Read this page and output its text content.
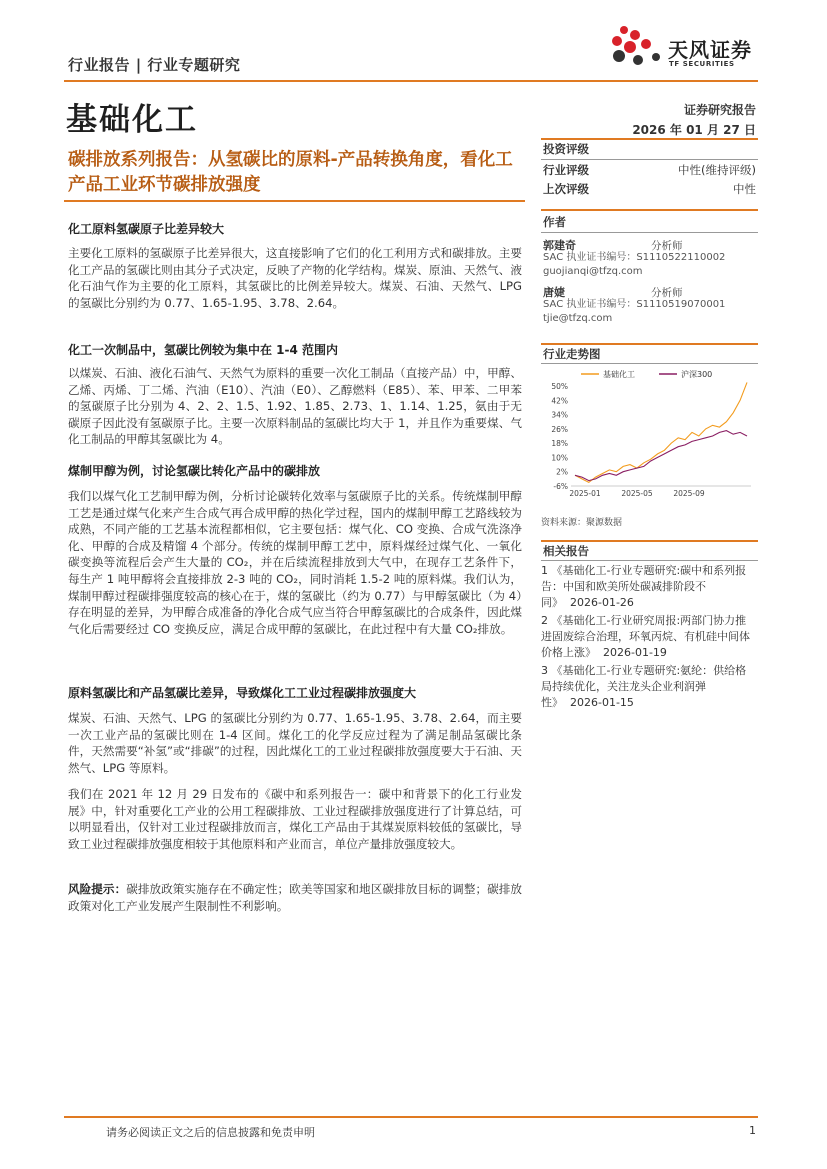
行业报告 | 行业专题研究
天风证券
TF SECURITIES
基础化工	证券研究报告
2026 年 01 月 27 日
碳排放系列报告：从氢碳比的原料-产品转换角度，看化工产品工业环节碳排放强度
投资评级
行业评级	中性(维持评级)
上次评级	中性
作者
郭建奇	分析师
SAC 执业证书编号：S1110522110002
guojianqi@tfzq.com
唐婕	分析师
SAC 执业证书编号：S1110519070001
tjie@tfzq.com
行业走势图
基础化工	沪深300
50%
42%
34%
26%
18%
10%
2%
-6%
2025-01	2025-05	2025-09
资料来源：聚源数据
相关报告
1 《基础化工-行业专题研究:碳中和系列报告：中国和欧美所处碳减排阶段不同》 2026-01-26
2 《基础化工-行业研究周报:两部门协力推进固废综合治理，环氧丙烷、有机硅中间体价格上涨》 2026-01-19
3 《基础化工-行业专题研究:氨纶：供给格局持续优化，关注龙头企业利润弹性》 2026-01-15
化工原料氢碳原子比差异较大
主要化工原料的氢碳原子比差异很大，这直接影响了它们的化工利用方式和碳排放。主要化工产品的氢碳比则由其分子式决定，反映了产物的化学结构。煤炭、原油、天然气、液化石油气作为主要的化工原料，其氢碳比的比例差异较大。煤炭、石油、天然气、LPG 的氢碳比分别约为 0.77、1.65-1.95、3.78、2.64。
化工一次制品中，氢碳比例较为集中在 1-4 范围内
以煤炭、石油、液化石油气、天然气为原料的重要一次化工制品（直接产品）中，甲醇、乙烯、丙烯、丁二烯、汽油（E10）、汽油（E0）、乙醇燃料（E85）、苯、甲苯、二甲苯的氢碳原子比分别为 4、2、2、1.5、1.92、1.85、2.73、1、1.14、1.25，氨由于无碳原子因此没有氢碳原子比。主要一次原料制品的氢碳比均大于 1，并且作为重要煤、气化工制品的甲醇其氢碳比为 4。
煤制甲醇为例，讨论氢碳比转化产品中的碳排放
我们以煤气化工艺制甲醇为例，分析讨论碳转化效率与氢碳原子比的关系。传统煤制甲醇工艺是通过煤气化来产生合成气再合成甲醇的热化学过程，国内的煤制甲醇工艺路线较为成熟，不同产能的工艺基本流程都相似，它主要包括：煤气化、CO 变换、合成气洗涤净化、甲醇的合成及精馏 4 个部分。传统的煤制甲醇工艺中，原料煤经过煤气化、一氧化碳变换等流程后会产生大量的 CO₂，并在后续流程排放到大气中，在现存工艺条件下，每生产 1 吨甲醇将会直接排放 2-3 吨的 CO₂，同时消耗 1.5-2 吨的原料煤。我们认为，煤制甲醇过程碳排强度较高的核心在于，煤的氢碳比（约为 0.77）与甲醇氢碳比（为 4）存在明显的差异，为甲醇合成准备的净化合成气应当符合甲醇氢碳比的合成条件，因此煤气化后需要经过 CO 变换反应，满足合成甲醇的氢碳比，在此过程中有大量 CO₂排放。
原料氢碳比和产品氢碳比差异，导致煤化工工业过程碳排放强度大
煤炭、石油、天然气、LPG 的氢碳比分别约为 0.77、1.65-1.95、3.78、2.64，而主要一次工业产品的氢碳比则在 1-4 区间。煤化工的化学反应过程为了满足制品氢碳比条件，天然需要“补氢”或“排碳”的过程，因此煤化工的工业过程碳排放强度要大于石油、天然气、LPG 等原料。
我们在 2021 年 12 月 29 日发布的《碳中和系列报告一：碳中和背景下的化工行业发展》中，针对重要化工产业的公用工程碳排放、工业过程碳排放强度进行了计算总结，可以明显看出，仅针对工业过程碳排放而言，煤化工产品由于其煤炭原料较低的氢碳比，导致工业过程碳排放强度相较于其他原料和产业而言，单位产量排放强度较大。
风险提示：碳排放政策实施存在不确定性；欧美等国家和地区碳排放目标的调整；碳排放政策对化工产业发展产生限制性不利影响。
请务必阅读正文之后的信息披露和免责申明	1
